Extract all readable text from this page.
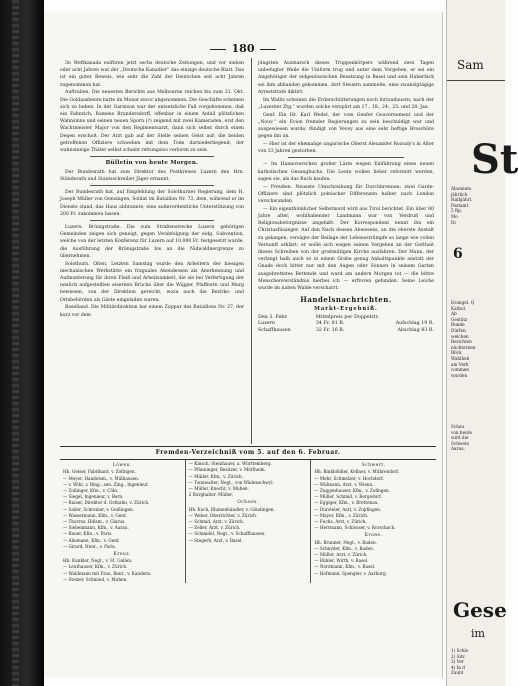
180

3n Weftkanada exiftiren jetzt sechs deutsche Zeitungen, und vor sieben oder acht Jahren war der „Deutsche Kanadier“ das einzige deutsche Blatt. Das ist ein guter Beweis, wie sehr die Zahl der Deutschen seit acht Jahren zugenommen hat.

Auftralien. Die neuesten Berichte aus Melbourne reichen bis zum 31. Okt. Die Goldausbeute hatte im Monat zuvor abgenommen. Die Geschäfte scheinen sich zu heben. In der Garnison war der entsetzliche Fall vorgekommen, daß ein Fahnrich, Ramens Brundersdorff, offenbar in einem Anfall plötzlichen Wahnsinns und seinen neuen Sporn (?) zeigend mit zwei Kameraden, erst den Wachtmeister Major von den Regimentsarzt, dann sich selbst durch einen Degen erschoß. Der Arzt gab auf der Stelle seinen Geist auf; die beiden getroffenen Offiziere schweben mit dem Tode darniederliegend; der wahnsinnige Thäter selbst scheint rettungslos verloren zu sein.

Bülletin von heute Morgen.

Der Bundesrath hat zum Direktor des Postkreises Luzern den Hrn. Ständerath und Staatsschreiber Jäger ernannt.

Der Bundesrath hat, auf Empfehlung der Solothurner Regierung, dem H. Joseph Müller von Oensingen, Soldat im Bataillon Nr. 73, dem, während er im Dienste stand, das Haus abbrannte, eine außerordentliche Unterstützung von 200 Fr. zukommen lassen.

Luzern. Brünigstraße. Die zum Straßenstrecke Luzern gehörigen Gemeinden zeigen sich geneigt, gegen Verabfolgung der eidg. Subvention, welche von der letzten Konferenz für Luzern auf 10,000 Fr. festgesetzt wurde, die Ausführung der Brünigstraße bis an die Nidwaldnergrenze zu übernehmen.

Solothurn. Olten. Letzten Samstag wurde den Arbeitern der hiesigen mechanischen Werkstätte ein fraguales Abendessen als Anerkennung und Aufmunterung für ihren Fleiß und Arbeitsamkeit, die sie bei Verfertigung der neulich aufgestellten eisernen Brücke über die Wigger, Pfaffnern und Murg bewiesen, von der Direktion gereicht, wozu auch die Bezirks- und Ortsbehörden als Gäste eingeladen waren.

Baselland. Die Militärdirektion hat einem Zuppur des Bataillons Nr. 27, der kurz vor dem

jüngsten Ausmarsch dieses Truppenkörpers während zwei Tagen unbefugter Weile die Uniform trug und unter dem Vorgeben, er sei ein Angehöriger der eidgenössischen Besatzung in Basel und sein Haberfack sei ihm abhanden gekommen, dort Steuern sammelte, eine zwanzigtägige Arreststrafe diktirt.

Im Wallis scheinen die Erderschütterungen noch fortzudauern; nach der „Luzerner Ztg.“ wurden solche verspürt am 17., 18., 24., 25. und 28. Jan.

Genf. Ein Hr. Karl Wedel, der vom Genfer Gouvernement und der „Nouv.“ ein Evion fremder Regierungen zu sein beschuldigt war und ausgewiesen wurde, fündigt von Vevey aus eine sehr heftige Broschüre gegen ihn an.

— Hier ist der ehemalige ungarische Oberst Alexander Rozsaly's in Alter von 33 Jahren gestorben.

— Im Hannoverschen großer Lärm wegen Einführung eines neuen katholischen Gesangbuchs. Die Leute wollen lieber reformirt werden, sagen sie, als das Buch kaufen.

— Preußen. Neueste Umschreibung für Durchbrennen: zwei Garde-Offiziere sind plötzlich polnischer Differenzen halber nach London verschwunden.

— Ein eigenthümlicher Selbstmord wird aus Tirol berichtet. Ein über 80 Jahre alter, wohlhabender Landmann war von Verdruß und Religionsbeforgnisse angefaßt. Der Korrespondent nennt ihn ein Christusfüsanger. Auf den Nach dessen Abwesens, an die oberste Anstalt zu gelangen, versägte der Beilage der Lebensstrümpfe so lange wie vollen Vernunft erklärt: er wolle sich wegen seinen Vergehen an der Gottheit dieses Schreiben von der großmütigen Kirche ausfahren. Der Mann, der verlangt halb auch so in einem Grabe genug Anhaltspunkte anstatt der Gnade doch bitter nur mit den Augen oder Sonnen in seinem Garten ausgebrettetes Bettende und ward am andern Morgen tot — die bittre Menschenverständnis hierbei ich — erfroren gefunden. Seine Leiche wurde im nahen Walde verscharrt.

Handelsnachrichten.
Markt-Ergebniß.
Den 3. Febr.	Mittelpreis per Doppelztr.	
Luzern	34 Fr. 81 R.	Aufschlag 19 R.
Schaffhausen	32 Fr. 16 R.	Abschlag 83 R.
Fremden-Verzeichniß vom 5. auf den 6. Februar.
Löwen.
Hh. Geiser, Fabrikant, v. Zofingen.
— Meyer, Handelsm., v. Mülhausen.
— v. Wihl, v. Bing...sen. Zing., Ingenieur.
— Zollinger, Kfm., v. Cöln.
— Siegel, Ingenieur, v. Bern.
— Raiser, Direktor d. Ostbahn, v. Zürich.
— Sailer, Schreiner, v. Geißingen.
— Wassermann, Kfm., v. Genf.
— Thorrez, Hdlsm., v. Glarus.
— Siebenmann, Kfm., v. Aarau.
— Bauer, Kfm., v. Paris.
— Allemann, Kfm., v. Genf.
— Girard, Nent., v. Paris.
Kreuz.
Hh. Kunkler, Negt., v. St. Gallen.
— Leuthauser, Kfm., v. Zürich.
— Waldmann mit Frau, Rent., v. Kandern.
— Stelzer, Schmied, v. Muhen.
— Kinsch, Steinhauer, a. Württemberg.
— Pfänninger, Besitzer, v. Mörlheim.
— Müller, Kfm., v. Zürich.
— Tonnwalter, Negt., von Wädenschwyl.
— Müller, Knecht, v. Muhen.
2 Burghalter, Müller.
Ochsen.
Hh. Koch, Blumenhändler, v. Göndingen.
— Weber, Oberrichter, v. Zürich.
— Schmid, Arzt, v. Zürich.
— Zeller, Arzt, v. Zürich.
— Schmidel, Negt., v. Schaffhausen.
— Stegerh, Arzt, v. Basel.
Schwert.
Hh. Binkhöldler, Kellner, v. Mührendorf.
— Mehr, Schmelzer, v. Hochdorf.
— Widmann, Arzt, v. Wienn.
— Zuggenhauser, Kfm., v. Zofingen.
— Müller, Schmid, v. Bergedorf.
— Eggiger, Kfm., v. Brettenau.
— Dursteler, Arzt, v. Zopfingen.
— Mayer, Kfm., v. Zürich.
— Fuchs, Arzt, v. Zürich.
— Herrmann, Schlosser, v. Rorschach.
Krone.
Hh. Brunner, Negt., v. Baden.
— Schnyder, Kfm., v. Baden.
— Müller, Arzt, v. Zürich.
— Bühler, Wirth, v. Basel.
— Nordmann, Kfm., v. Basel.
— Hofmann, Spengler, v. Aarburg.
Sam
St
Abonnem
jährlich
Halbjährl.
Postamt
5 Rp.
Mo
Di
6
Evangel. Q
Kathol.
Ab
Gestütz
Bunde
Dürfen
welchen
Berichten
nüchternen
Blick
Wahlbeh
am Verh
commen
wurden
Schau
von heute
wird die
Schwein
Aarau,
Gese
im
1) Schlo
2) Sitz
3) Ver
4) In d
Zaubt
